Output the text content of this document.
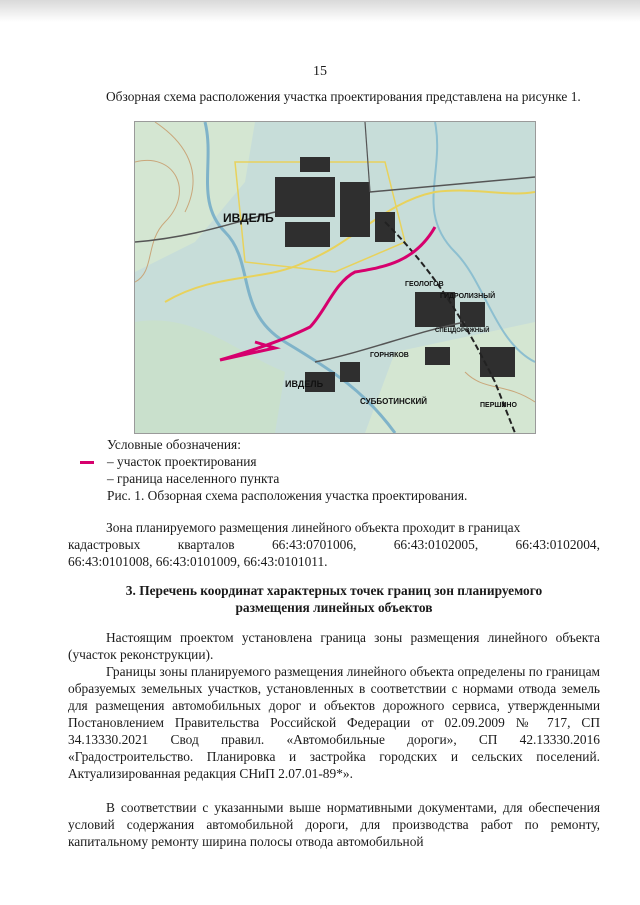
15
Обзорная схема расположения участка проектирования представлена на рисунке 1.
ИВДЕЛЬ
ГЕОЛОГОВ
ГИДРОЛИЗНЫЙ
ГОРНЯКОВ
ИВДЕЛЬ
СУББОТИНСКИЙ	ПЕРШИНО
СПЕЦДОРОЖНЫЙ
Условные обозначения:
– участок проектирования
– граница населенного пункта
Рис. 1. Обзорная схема расположения участка проектирования.
Зона планируемого размещения линейного объекта проходит в границах
кадастровых	кварталов	66:43:0701006,	66:43:0102005,	66:43:0102004,
66:43:0101008, 66:43:0101009, 66:43:0101011.
3. Перечень координат характерных точек границ зон планируемого
размещения линейных объектов
Настоящим проектом установлена граница зоны размещения линейного объекта (участок реконструкции).
Границы зоны планируемого размещения линейного объекта определены по границам образуемых земельных участков, установленных в соответствии с нормами отвода земель для размещения автомобильных дорог и объектов дорожного сервиса, утвержденными Постановлением Правительства Российской Федерации от 02.09.2009 № 717, СП 34.13330.2021 Свод правил. «Автомобильные дороги», СП 42.13330.2016 «Градостроительство. Планировка и застройка городских и сельских поселений. Актуализированная редакция СНиП 2.07.01-89*».
В соответствии с указанными выше нормативными документами, для обеспечения условий содержания автомобильной дороги, для производства работ по ремонту, капитальному ремонту ширина полосы отвода автомобильной
